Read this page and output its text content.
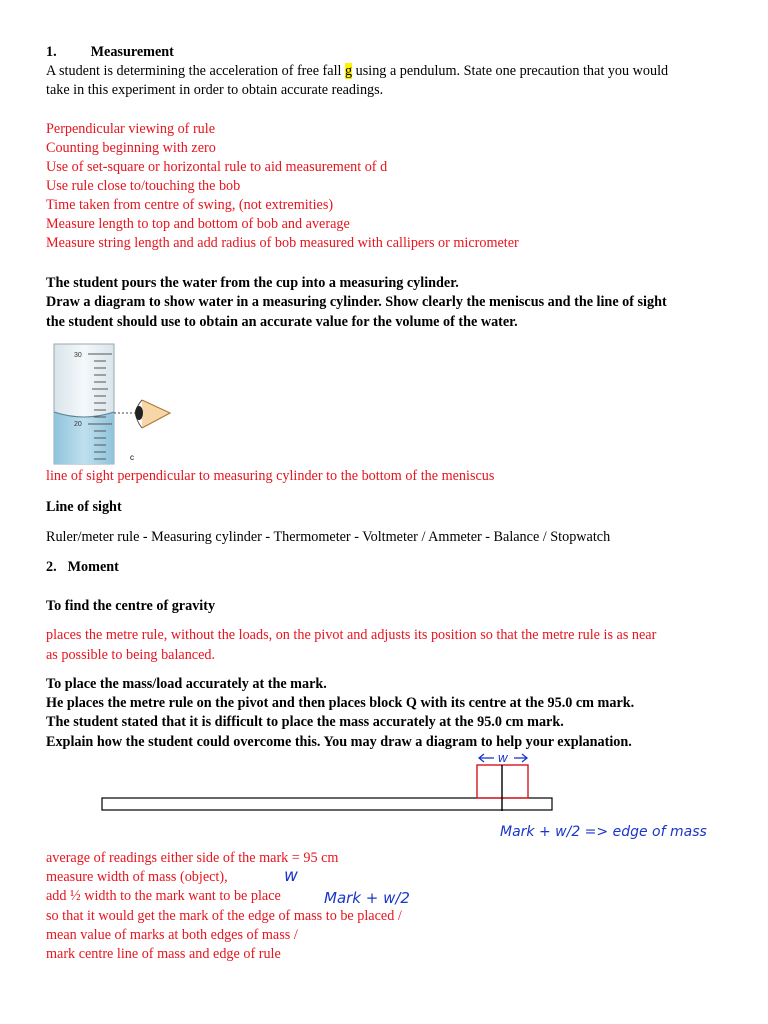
1. Measurement
A student is determining the acceleration of free fall g using a pendulum. State one precaution that you would
take in this experiment in order to obtain accurate readings.
Perpendicular viewing of rule
Counting beginning with zero
Use of set-square or horizontal rule to aid measurement of d
Use rule close to/touching the bob
Time taken from centre of swing, (not extremities)
Measure length to top and bottom of bob and average
Measure string length and add radius of bob measured with callipers or micrometer
The student pours the water from the cup into a measuring cylinder.
Draw a diagram to show water in a measuring cylinder. Show clearly the meniscus and the line of sight
the student should use to obtain an accurate value for the volume of the water.
30
20
c
line of sight perpendicular to measuring cylinder to the bottom of the meniscus
Line of sight
Ruler/meter rule - Measuring cylinder - Thermometer - Voltmeter / Ammeter - Balance / Stopwatch
2. Moment
To find the centre of gravity
places the metre rule, without the loads, on the pivot and adjusts its position so that the metre rule is as near
as possible to being balanced.
To place the mass/load accurately at the mark.
He places the metre rule on the pivot and then places block Q with its centre at the 95.0 cm mark.
The student stated that it is difficult to place the mass accurately at the 95.0 cm mark.
Explain how the student could overcome this. You may draw a diagram to help your explanation.
w
Mark + w/2 => edge of mass
average of readings either side of the mark = 95 cm
measure width of mass (object),
add ½ width to the mark want to be place
so that it would get the mark of the edge of mass to be placed /
mean value of marks at both edges of mass /
mark centre line of mass and edge of rule
w
Mark + w/2
